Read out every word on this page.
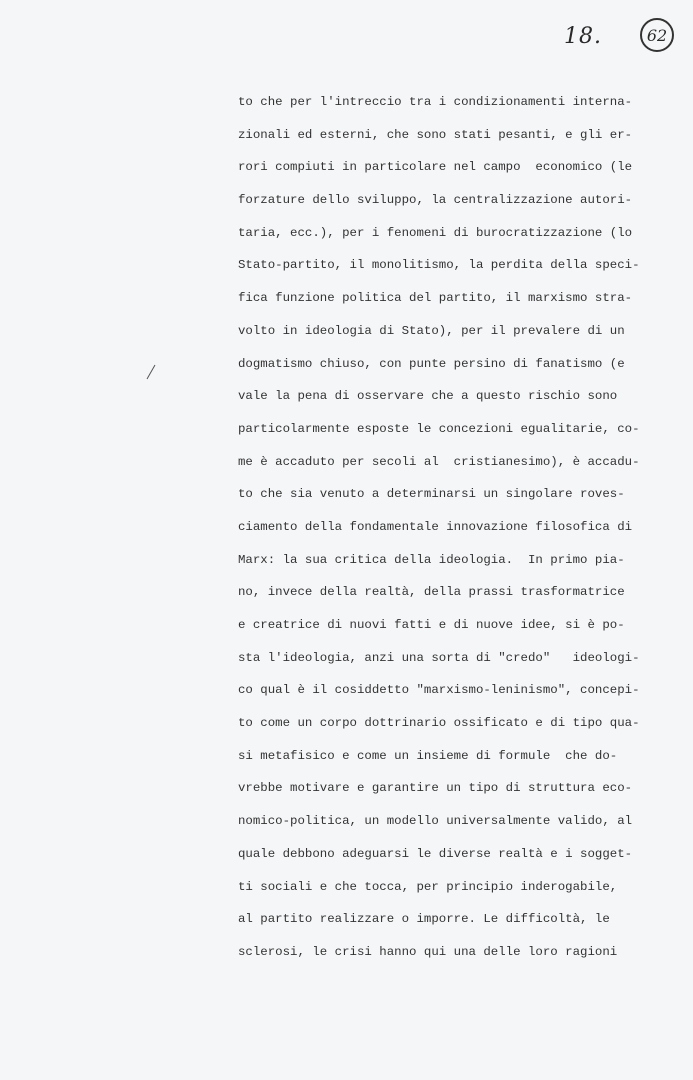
18.	62
to che per l'intreccio tra i condizionamenti interna-
zionali ed esterni, che sono stati pesanti, e gli er-
rori compiuti in particolare nel campo  economico (le
forzature dello sviluppo, la centralizzazione autori-
taria, ecc.), per i fenomeni di burocratizzazione (lo
Stato-partito, il monolitismo, la perdita della speci-
fica funzione politica del partito, il marxismo stra-
volto in ideologia di Stato), per il prevalere di un
dogmatismo chiuso, con punte persino di fanatismo (e
vale la pena di osservare che a questo rischio sono
particolarmente esposte le concezioni egualitarie, co-
me è accaduto per secoli al  cristianesimo), è accadu-
to che sia venuto a determinarsi un singolare roves-
ciamento della fondamentale innovazione filosofica di
Marx: la sua critica della ideologia.  In primo pia-
no, invece della realtà, della prassi trasformatrice
e creatrice di nuovi fatti e di nuove idee, si è po-
sta l'ideologia, anzi una sorta di "credo"   ideologi-
co qual è il cosiddetto "marxismo-leninismo", concepi-
to come un corpo dottrinario ossificato e di tipo qua-
si metafisico e come un insieme di formule  che do-
vrebbe motivare e garantire un tipo di struttura eco-
nomico-politica, un modello universalmente valido, al
quale debbono adeguarsi le diverse realtà e i sogget-
ti sociali e che tocca, per principio inderogabile,
al partito realizzare o imporre. Le difficoltà, le
sclerosi, le crisi hanno qui una delle loro ragioni
